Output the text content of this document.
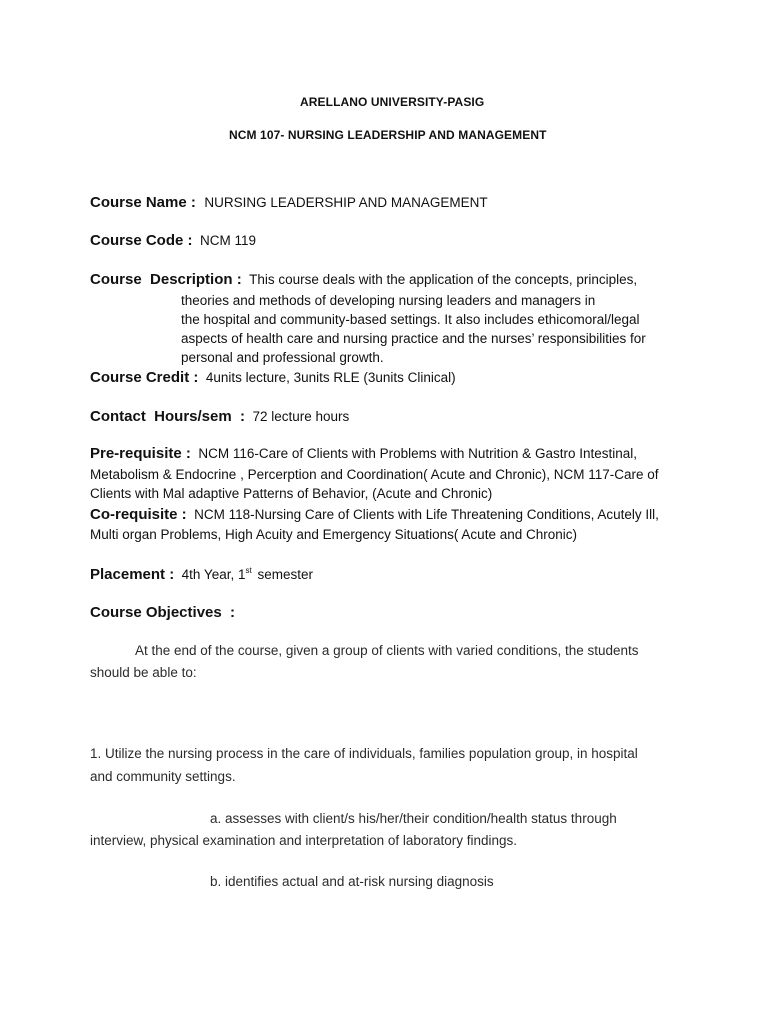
ARELLANO UNIVERSITY-PASIG
NCM 107- NURSING LEADERSHIP AND MANAGEMENT
Course Name : NURSING LEADERSHIP AND MANAGEMENT
Course Code : NCM 119
Course  Description : This course deals with the application of the concepts, principles,
theories and methods of developing nursing leaders and managers in
the hospital and community-based settings. It also includes ethicomoral/legal
aspects of health care and nursing practice and the nurses’ responsibilities for
personal and professional growth.
Course Credit : 4units lecture, 3units RLE (3units Clinical)
Contact  Hours/sem  : 72 lecture hours
Pre-requisite : NCM 116-Care of Clients with Problems with Nutrition & Gastro Intestinal,
Metabolism & Endocrine , Percerption and Coordination( Acute and Chronic), NCM 117-Care of
Clients with Mal adaptive Patterns of Behavior, (Acute and Chronic)
Co-requisite : NCM 118-Nursing Care of Clients with Life Threatening Conditions, Acutely Ill,
Multi organ Problems, High Acuity and Emergency Situations( Acute and Chronic)
Placement : 4th Year, 1st semester
Course Objectives  :
At the end of the course, given a group of clients with varied conditions, the students
should be able to:
1. Utilize the nursing process in the care of individuals, families population group, in hospital
and community settings.
a. assesses with client/s his/her/their condition/health status through
interview, physical examination and interpretation of laboratory findings.
b. identifies actual and at-risk nursing diagnosis
